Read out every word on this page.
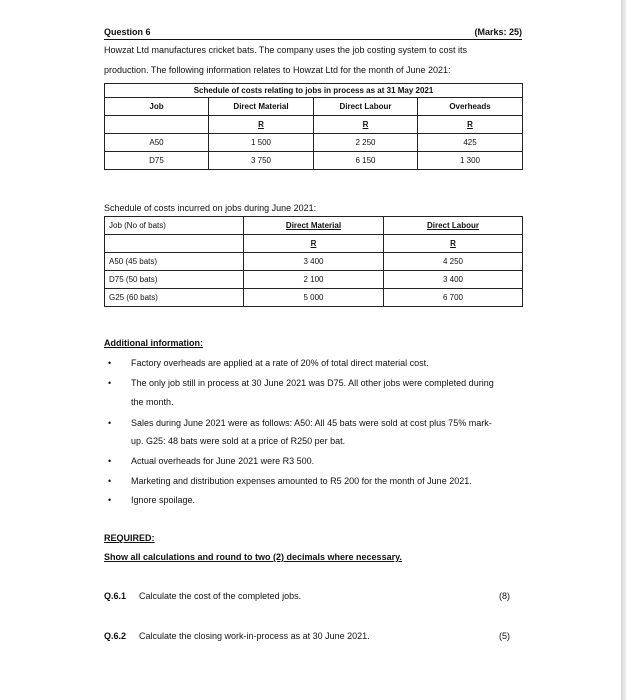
Question 6	(Marks: 25)
Howzat Ltd manufactures cricket bats. The company uses the job costing system to cost its
production. The following information relates to Howzat Ltd for the month of June 2021:
Schedule of costs relating to jobs in process as at 31 May 2021			
Job	Direct Material	Direct Labour	Overheads
	R	R	R
A50	1 500	2 250	425
D75	3 750	6 150	1 300
Schedule of costs incurred on jobs during June 2021:
Job (No of bats)	Direct Material	Direct Labour
	R	R
A50 (45 bats)	3 400	4 250
D75 (50 bats)	2 100	3 400
G25 (60 bats)	5 000	6 700
Additional information:
• Factory overheads are applied at a rate of 20% of total direct material cost.
• The only job still in process at 30 June 2021 was D75. All other jobs were completed during
the month.
• Sales during June 2021 were as follows: A50: All 45 bats were sold at cost plus 75% mark-
up. G25: 48 bats were sold at a price of R250 per bat.
• Actual overheads for June 2021 were R3 500.
• Marketing and distribution expenses amounted to R5 200 for the month of June 2021.
• Ignore spoilage.
REQUIRED:
Show all calculations and round to two (2) decimals where necessary.
Q.6.1 Calculate the cost of the completed jobs.	(8)
Q.6.2 Calculate the closing work-in-process as at 30 June 2021.	(5)
